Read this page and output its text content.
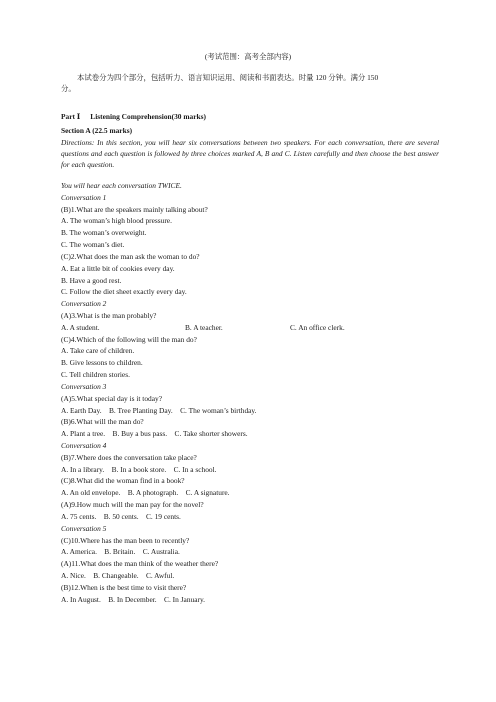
(考试范围：高考全部内容)
本试卷分为四个部分，包括听力、语言知识运用、阅读和书面表达。时量 120 分钟。满分 150
分。
Part Ⅰ Listening Comprehension(30 marks)
Section A (22.5 marks)
Directions: In this section, you will hear six conversations between two speakers. For each conversation, there are several questions and each question is followed by three choices marked A, B and C. Listen carefully and then choose the best answer for each question.
You will hear each conversation TWICE.
Conversation 1
(B)1.What are the speakers mainly talking about?
A. The woman’s high blood pressure.
B. The woman’s overweight.
C. The woman’s diet.
(C)2.What does the man ask the woman to do?
A. Eat a little bit of cookies every day.
B. Have a good rest.
C. Follow the diet sheet exactly every day.
Conversation 2
(A)3.What is the man probably?
A. A student.	B. A teacher.	C. An office clerk.
(C)4.Which of the following will the man do?
A. Take care of children.
B. Give lessons to children.
C. Tell children stories.
Conversation 3
(A)5.What special day is it today?
A. Earth Day.    B. Tree Planting Day.    C. The woman’s birthday.
(B)6.What will the man do?
A. Plant a tree.    B. Buy a bus pass.    C. Take shorter showers.
Conversation 4
(B)7.Where does the conversation take place?
A. In a library.    B. In a book store.    C. In a school.
(C)8.What did the woman find in a book?
A. An old envelope.    B. A photograph.    C. A signature.
(A)9.How much will the man pay for the novel?
A. 75 cents.    B. 50 cents.    C. 19 cents.
Conversation 5
(C)10.Where has the man been to recently?
A. America.    B. Britain.    C. Australia.
(A)11.What does the man think of the weather there?
A. Nice.    B. Changeable.    C. Awful.
(B)12.When is the best time to visit there?
A. In August.    B. In December.    C. In January.
